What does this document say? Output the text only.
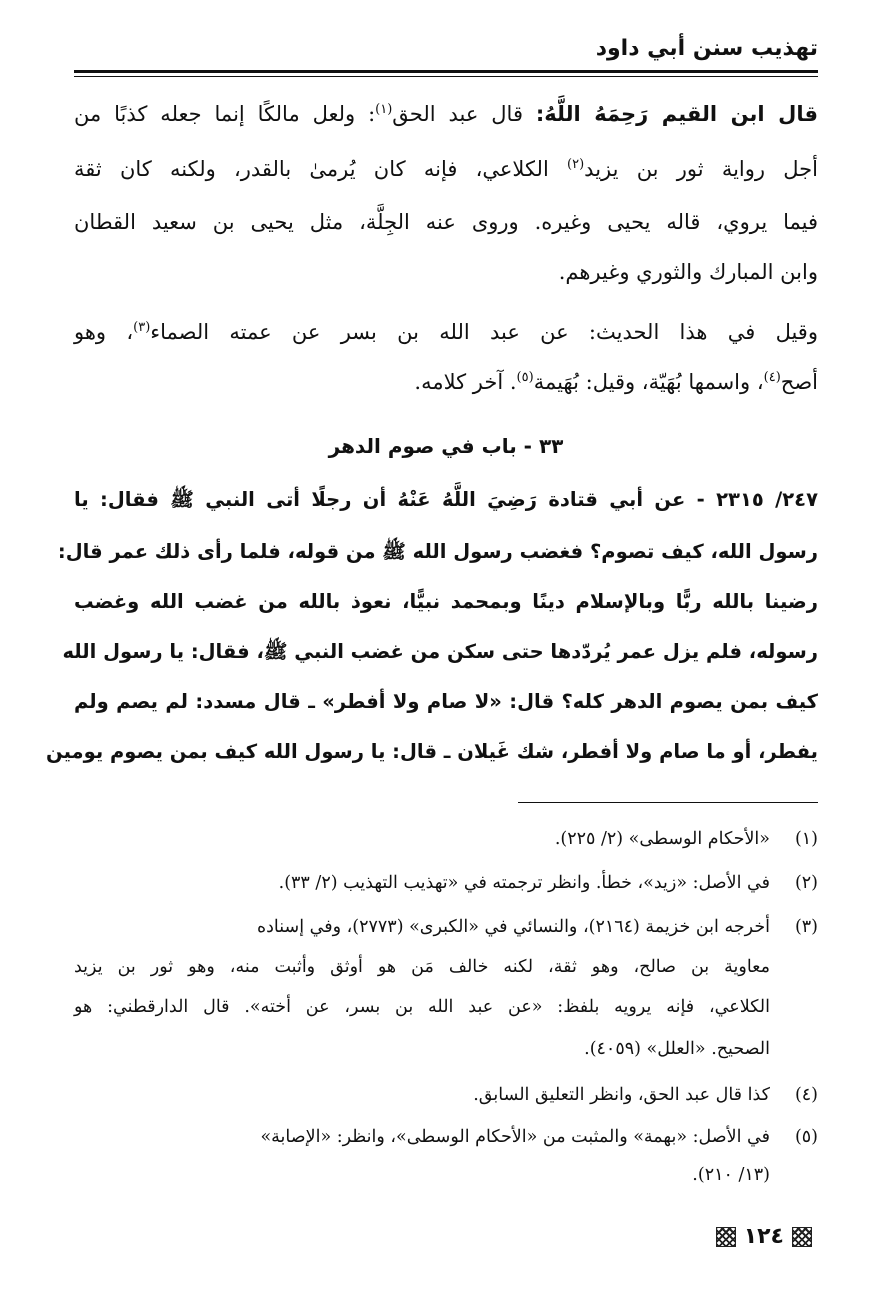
تهذيب سنن أبي داود
قال ابن القيم رَحِمَهُ اللَّهُ: قال عبد الحق$^{(١)}$: ولعل مالكًا إنما جعله كذبًا من
أجل رواية ثور بن يزيد$^{(٢)}$ الكلاعي، فإنه كان يُرمىٰ بالقدر، ولكنه كان ثقة
فيما يروي، قاله يحيى وغيره. وروى عنه الجِلَّة، مثل يحيى بن سعيد القطان
وابن المبارك والثوري وغيرهم.
وقيل في هذا الحديث: عن عبد الله بن بسر عن عمته الصماء$^{(٣)}$، وهو
أصح$^{(٤)}$، واسمها بُهَيّة، وقيل: بُهَيمة$^{(٥)}$. آخر كلامه.
٣٣ - باب في صوم الدهر
٢٤٧/ ٢٣١٥ - عن أبي قتادة رَضِيَ اللَّهُ عَنْهُ أن رجلًا أتى النبي ﷺ فقال: يا
رسول الله، كيف تصوم؟ فغضب رسول الله ﷺ من قوله، فلما رأى ذلك عمر قال:
رضينا بالله ربًّا وبالإسلام دينًا وبمحمد نبيًّا، نعوذ بالله من غضب الله وغضب
رسوله، فلم يزل عمر يُردّدها حتى سكن من غضب النبي ﷺ، فقال: يا رسول الله
كيف بمن يصوم الدهر كله؟ قال: «لا صام ولا أفطر» ـ قال مسدد: لم يصم ولم
يفطر، أو ما صام ولا أفطر، شك غَيلان ـ قال: يا رسول الله كيف بمن يصوم يومين
(١)
«الأحكام الوسطى» (٢/ ٢٢٥).
(٢)
في الأصل: «زيد»، خطأ. وانظر ترجمته في «تهذيب التهذيب (٢/ ٣٣).
(٣)
أخرجه ابن خزيمة (٢١٦٤)، والنسائي في «الكبرى» (٢٧٧٣)، وفي إسناده
معاوية بن صالح، وهو ثقة، لكنه خالف مَن هو أوثق وأثبت منه، وهو ثور بن يزيد
الكلاعي، فإنه يرويه بلفظ: «عن عبد الله بن بسر، عن أخته». قال الدارقطني: هو
الصحيح. «العلل» (٤٠٥٩).
(٤)
كذا قال عبد الحق، وانظر التعليق السابق.
(٥)
في الأصل: «بهمة» والمثبت من «الأحكام الوسطى»، وانظر: «الإصابة»
(١٣/ ٢١٠).
١٢٤
